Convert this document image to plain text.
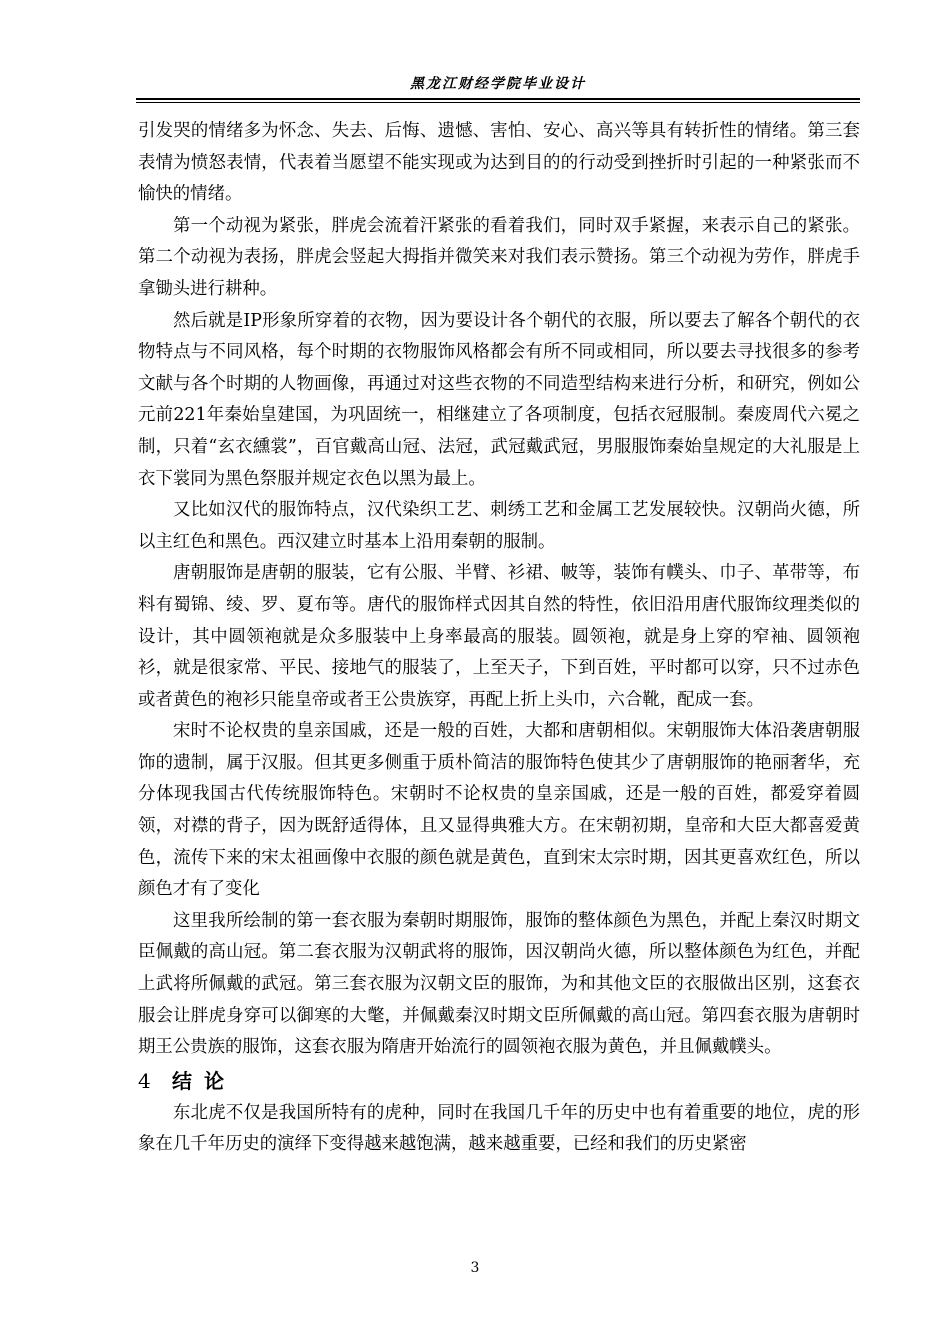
黑龙江财经学院毕业设计

引发哭的情绪多为怀念、失去、后悔、遗憾、害怕、安心、高兴等具有转折性的情绪。第三套表情为愤怒表情，代表着当愿望不能实现或为达到目的的行动受到挫折时引起的一种紧张而不愉快的情绪。

第一个动视为紧张，胖虎会流着汗紧张的看着我们，同时双手紧握，来表示自己的紧张。第二个动视为表扬，胖虎会竖起大拇指并微笑来对我们表示赞扬。第三个动视为劳作，胖虎手拿锄头进行耕种。

然后就是IP形象所穿着的衣物，因为要设计各个朝代的衣服，所以要去了解各个朝代的衣物特点与不同风格，每个时期的衣物服饰风格都会有所不同或相同，所以要去寻找很多的参考文献与各个时期的人物画像，再通过对这些衣物的不同造型结构来进行分析，和研究，例如公元前221年秦始皇建国，为巩固统一，相继建立了各项制度，包括衣冠服制。秦废周代六冕之制，只着“玄衣纁裳”，百官戴高山冠、法冠，武冠戴武冠，男服服饰秦始皇规定的大礼服是上衣下裳同为黑色祭服并规定衣色以黑为最上。

又比如汉代的服饰特点，汉代染织工艺、刺绣工艺和金属工艺发展较快。汉朝尚火德，所以主红色和黑色。西汉建立时基本上沿用秦朝的服制。

唐朝服饰是唐朝的服装，它有公服、半臂、衫裙、帔等，装饰有幞头、巾子、革带等，布料有蜀锦、绫、罗、夏布等。唐代的服饰样式因其自然的特性，依旧沿用唐代服饰纹理类似的设计，其中圆领袍就是众多服装中上身率最高的服装。圆领袍，就是身上穿的窄袖、圆领袍衫，就是很家常、平民、接地气的服装了，上至天子，下到百姓，平时都可以穿，只不过赤色或者黄色的袍衫只能皇帝或者王公贵族穿，再配上折上头巾，六合靴，配成一套。

宋时不论权贵的皇亲国戚，还是一般的百姓，大都和唐朝相似。宋朝服饰大体沿袭唐朝服饰的遗制，属于汉服。但其更多侧重于质朴简洁的服饰特色使其少了唐朝服饰的艳丽奢华，充分体现我国古代传统服饰特色。宋朝时不论权贵的皇亲国戚，还是一般的百姓，都爱穿着圆领，对襟的背子，因为既舒适得体，且又显得典雅大方。在宋朝初期，皇帝和大臣大都喜爱黄色，流传下来的宋太祖画像中衣服的颜色就是黄色，直到宋太宗时期，因其更喜欢红色，所以颜色才有了变化

这里我所绘制的第一套衣服为秦朝时期服饰，服饰的整体颜色为黑色，并配上秦汉时期文臣佩戴的高山冠。第二套衣服为汉朝武将的服饰，因汉朝尚火德，所以整体颜色为红色，并配上武将所佩戴的武冠。第三套衣服为汉朝文臣的服饰，为和其他文臣的衣服做出区别，这套衣服会让胖虎身穿可以御寒的大氅，并佩戴秦汉时期文臣所佩戴的高山冠。第四套衣服为唐朝时期王公贵族的服饰，这套衣服为隋唐开始流行的圆领袍衣服为黄色，并且佩戴幞头。

4 结论

东北虎不仅是我国所特有的虎种，同时在我国几千年的历史中也有着重要的地位，虎的形象在几千年历史的演绎下变得越来越饱满，越来越重要，已经和我们的历史紧密

3
